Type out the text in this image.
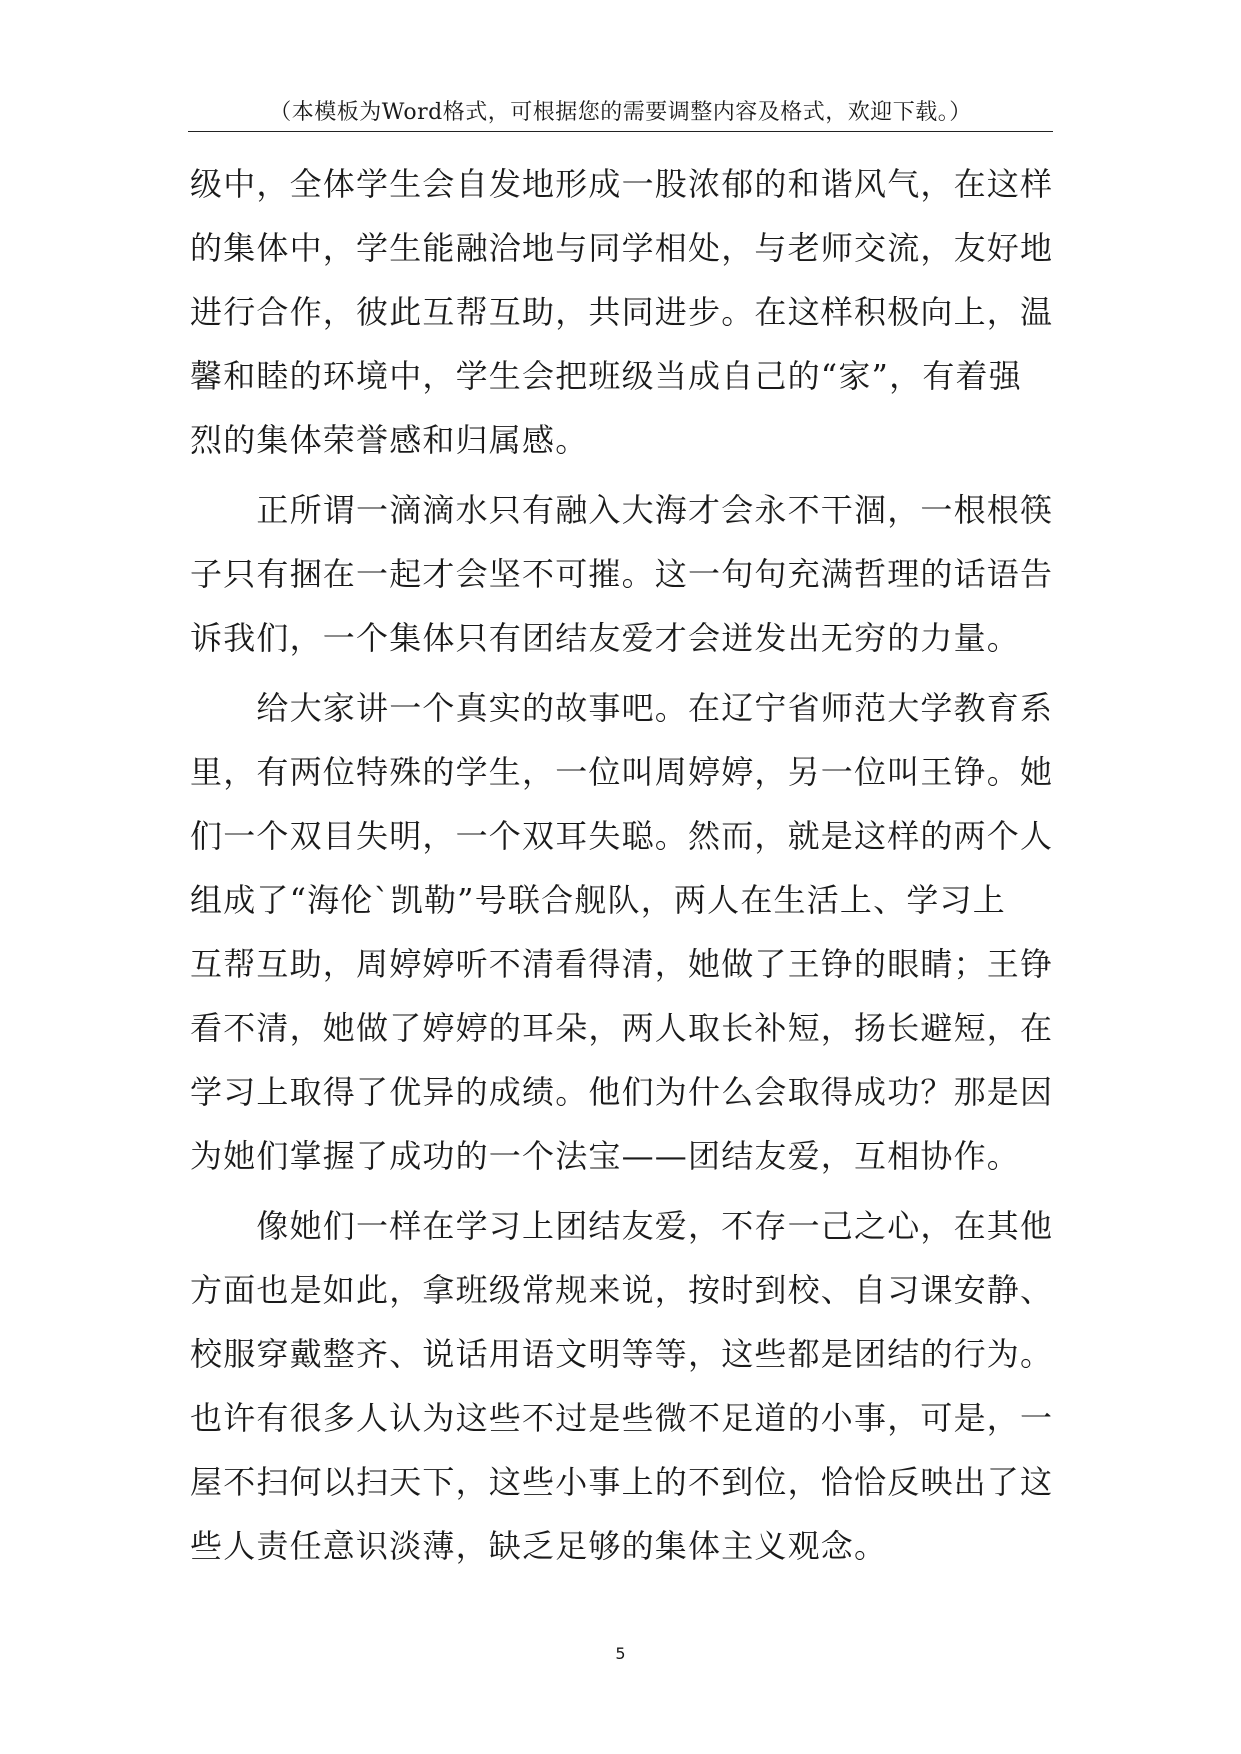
（本模板为Word格式，可根据您的需要调整内容及格式，欢迎下载。）
级中，全体学生会自发地形成一股浓郁的和谐风气，在这样
的集体中，学生能融洽地与同学相处，与老师交流，友好地
进行合作，彼此互帮互助，共同进步。在这样积极向上，温
馨和睦的环境中，学生会把班级当成自己的“家”，有着强
烈的集体荣誉感和归属感。
　　正所谓一滴滴水只有融入大海才会永不干涸，一根根筷
子只有捆在一起才会坚不可摧。这一句句充满哲理的话语告
诉我们，一个集体只有团结友爱才会迸发出无穷的力量。
　　给大家讲一个真实的故事吧。在辽宁省师范大学教育系
里，有两位特殊的学生，一位叫周婷婷，另一位叫王铮。她
们一个双目失明，一个双耳失聪。然而，就是这样的两个人
组成了“海伦`凯勒”号联合舰队，两人在生活上、学习上
互帮互助，周婷婷听不清看得清，她做了王铮的眼睛；王铮
看不清，她做了婷婷的耳朵，两人取长补短，扬长避短，在
学习上取得了优异的成绩。他们为什么会取得成功？那是因
为她们掌握了成功的一个法宝——团结友爱，互相协作。
　　像她们一样在学习上团结友爱，不存一己之心，在其他
方面也是如此，拿班级常规来说，按时到校、自习课安静、
校服穿戴整齐、说话用语文明等等，这些都是团结的行为。
也许有很多人认为这些不过是些微不足道的小事，可是，一
屋不扫何以扫天下，这些小事上的不到位，恰恰反映出了这
些人责任意识淡薄，缺乏足够的集体主义观念。
5
